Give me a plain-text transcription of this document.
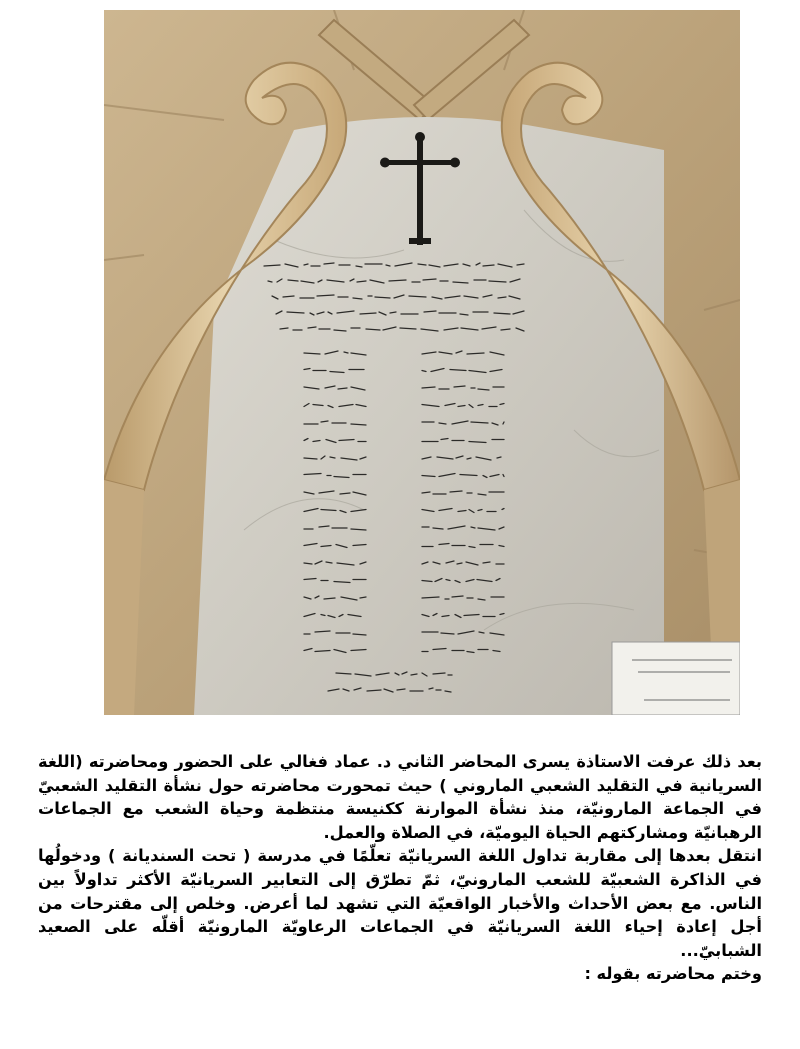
بعد ذلك عرفت الاستاذة يسرى المحاضر الثاني د. عماد فغالي على الحضور ومحاضرته (اللغة السريانية في التقليد الشعبي الماروني ) حيث تمحورت محاضرته حول نشأة التقليد الشعبيّ في الجماعة المارونيّة، منذ نشأة الموارنة ككنيسة منتظمة وحياة الشعب مع الجماعات الرهبانيّة ومشاركتهم الحياة اليوميّة، في الصلاة والعمل.

انتقل بعدها إلى مقاربة تداول اللغة السريانيّة تعلّمًا في مدرسة ( تحت السنديانة ) ودخولُها في الذاكرة الشعبيّة للشعب المارونيّ، ثمّ تطرّق إلى التعابير السريانيّة الأكثر تداولاً بين الناس. مع بعض الأحداث والأخبار الواقعيّة التي تشهد لما أعرض. وخلص إلى مقترحات من أجل إعادة إحياء اللغة السريانيّة في الجماعات الرعاويّة المارونيّة أقلّه على الصعيد الشبابيّ...

وختم محاضرته بقوله :
